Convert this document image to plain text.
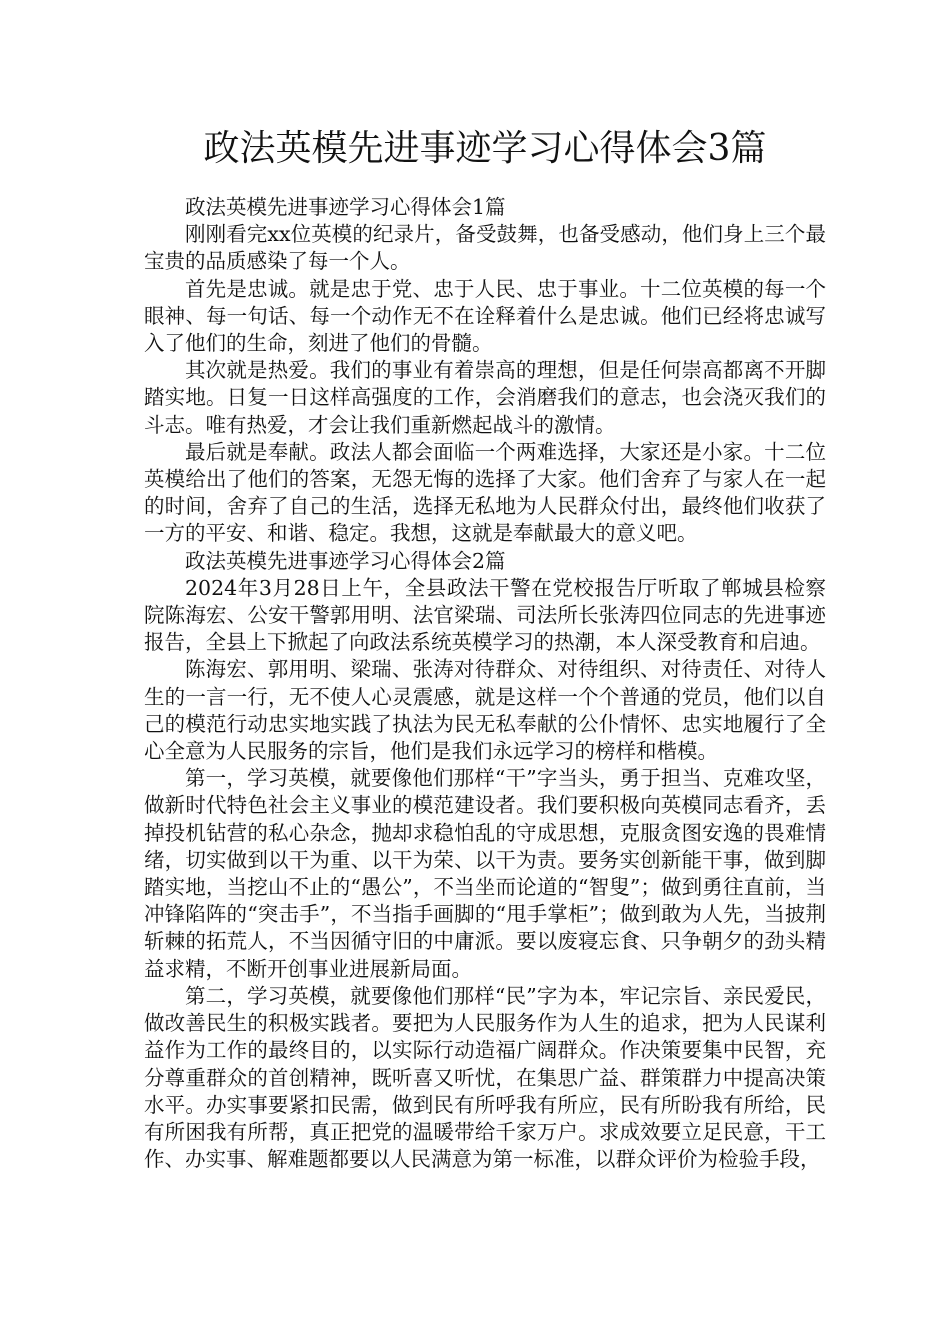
政法英模先进事迹学习心得体会3篇

政法英模先进事迹学习心得体会1篇

刚刚看完xx位英模的纪录片，备受鼓舞，也备受感动，他们身上三个最宝贵的品质感染了每一个人。

首先是忠诚。就是忠于党、忠于人民、忠于事业。十二位英模的每一个眼神、每一句话、每一个动作无不在诠释着什么是忠诚。他们已经将忠诚写入了他们的生命，刻进了他们的骨髓。

其次就是热爱。我们的事业有着崇高的理想，但是任何崇高都离不开脚踏实地。日复一日这样高强度的工作，会消磨我们的意志，也会浇灭我们的斗志。唯有热爱，才会让我们重新燃起战斗的激情。

最后就是奉献。政法人都会面临一个两难选择，大家还是小家。十二位英模给出了他们的答案，无怨无悔的选择了大家。他们舍弃了与家人在一起的时间，舍弃了自己的生活，选择无私地为人民群众付出，最终他们收获了一方的平安、和谐、稳定。我想，这就是奉献最大的意义吧。

政法英模先进事迹学习心得体会2篇

2024年3月28日上午，全县政法干警在党校报告厅听取了郸城县检察院陈海宏、公安干警郭用明、法官梁瑞、司法所长张涛四位同志的先进事迹报告，全县上下掀起了向政法系统英模学习的热潮，本人深受教育和启迪。

陈海宏、郭用明、梁瑞、张涛对待群众、对待组织、对待责任、对待人生的一言一行，无不使人心灵震感，就是这样一个个普通的党员，他们以自己的模范行动忠实地实践了执法为民无私奉献的公仆情怀、忠实地履行了全心全意为人民服务的宗旨，他们是我们永远学习的榜样和楷模。

第一，学习英模，就要像他们那样“干”字当头，勇于担当、克难攻坚，做新时代特色社会主义事业的模范建设者。我们要积极向英模同志看齐，丢掉投机钻营的私心杂念，抛却求稳怕乱的守成思想，克服贪图安逸的畏难情绪，切实做到以干为重、以干为荣、以干为责。要务实创新能干事，做到脚踏实地，当挖山不止的“愚公”，不当坐而论道的“智叟”；做到勇往直前，当冲锋陷阵的“突击手”，不当指手画脚的“甩手掌柜”；做到敢为人先，当披荆斩棘的拓荒人，不当因循守旧的中庸派。要以废寝忘食、只争朝夕的劲头精益求精，不断开创事业进展新局面。

第二，学习英模，就要像他们那样“民”字为本，牢记宗旨、亲民爱民，做改善民生的积极实践者。要把为人民服务作为人生的追求，把为人民谋利益作为工作的最终目的，以实际行动造福广阔群众。作决策要集中民智，充分尊重群众的首创精神，既听喜又听忧，在集思广益、群策群力中提高决策水平。办实事要紧扣民需，做到民有所呼我有所应，民有所盼我有所给，民有所困我有所帮，真正把党的温暖带给千家万户。求成效要立足民意，干工作、办实事、解难题都要以人民满意为第一标准，以群众评价为检验手段，
